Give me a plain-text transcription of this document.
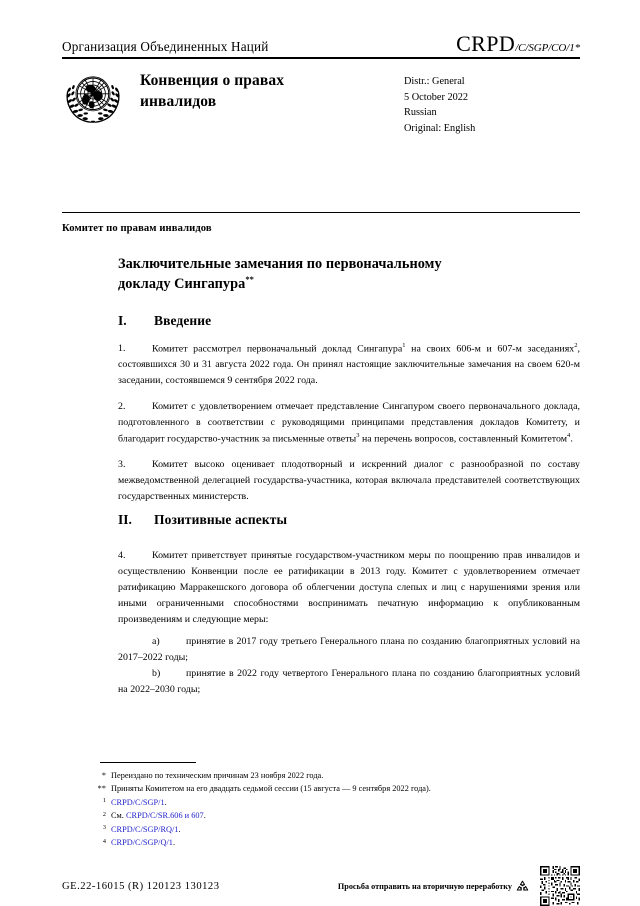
Организация Объединенных Наций	CRPD /C/SGP/CO/1*
Конвенция о правах
инвалидов
Distr.: General
5 October 2022
Russian
Original: English
Комитет по правам инвалидов
Заключительные замечания по первоначальному
докладу Сингапура**
I.	Введение
1.	Комитет рассмотрел первоначальный доклад Сингапура$^1$ на своих 606-м и 607-м заседаниях$^2$, состоявшихся 30 и 31 августа 2022 года. Он принял настоящие заключительные замечания на своем 620-м заседании, состоявшемся 9 сентября 2022 года.
2.	Комитет с удовлетворением отмечает представление Сингапуром своего первоначального доклада, подготовленного в соответствии с руководящими принципами представления докладов Комитету, и благодарит государство-участник за письменные ответы$^3$ на перечень вопросов, составленный Комитетом$^4$.
3.	Комитет высоко оценивает плодотворный и искренний диалог с разнообразной по составу межведомственной делегацией государства-участника, которая включала представителей соответствующих государственных министерств.
II.	Позитивные аспекты
4.	Комитет приветствует принятые государством-участником меры по поощрению прав инвалидов и осуществлению Конвенции после ее ратификации в 2013 году. Комитет с удовлетворением отмечает ратификацию Марракешского договора об облегчении доступа слепых и лиц с нарушениями зрения или иными ограниченными способностями воспринимать печатную информацию к опубликованным произведениям и следующие меры:
a)	принятие в 2017 году третьего Генерального плана по созданию благоприятных условий на 2017–2022 годы;
b)	принятие в 2022 году четвертого Генерального плана по созданию благоприятных условий на 2022–2030 годы;
* Переиздано по техническим причинам 23 ноября 2022 года.
** Приняты Комитетом на его двадцать седьмой сессии (15 августа — 9 сентября 2022 года).
1 CRPD/C/SGP/1.
2 См. CRPD/C/SR.606 и 607.
3 CRPD/C/SGP/RQ/1.
4 CRPD/C/SGP/Q/1.
GE.22-16015 (R) 120123 130123	Просьба отправить на вторичную переработку
